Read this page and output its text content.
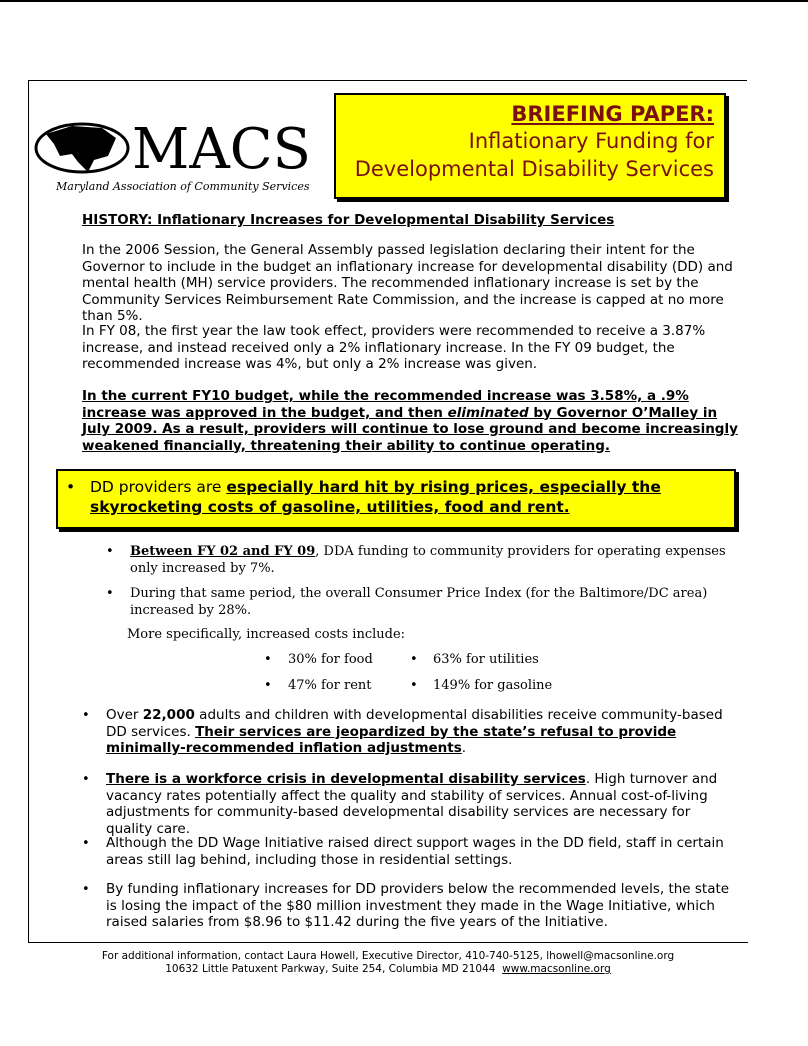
MACS
Maryland Association of Community Services
BRIEFING PAPER:
Inflationary Funding for
Developmental Disability Services
HISTORY: Inflationary Increases for Developmental Disability Services
In the 2006 Session, the General Assembly passed legislation declaring their intent for the Governor to include in the budget an inflationary increase for developmental disability (DD) and mental health (MH) service providers. The recommended inflationary increase is set by the Community Services Reimbursement Rate Commission, and the increase is capped at no more than 5%.
In FY 08, the first year the law took effect, providers were recommended to receive a 3.87% increase, and instead received only a 2% inflationary increase. In the FY 09 budget, the recommended increase was 4%, but only a 2% increase was given.
In the current FY10 budget, while the recommended increase was 3.58%, a .9% increase was approved in the budget, and then eliminated by Governor O’Malley in July 2009. As a result, providers will continue to lose ground and become increasingly weakened financially, threatening their ability to continue operating.
• DD providers are especially hard hit by rising prices, especially the skyrocketing costs of gasoline, utilities, food and rent.
• Between FY 02 and FY 09, DDA funding to community providers for operating expenses only increased by 7%.
• During that same period, the overall Consumer Price Index (for the Baltimore/DC area) increased by 28%.
More specifically, increased costs include:
• 30% for food	• 63% for utilities
• 47% for rent	• 149% for gasoline
• Over 22,000 adults and children with developmental disabilities receive community-based DD services. Their services are jeopardized by the state’s refusal to provide minimally-recommended inflation adjustments.
• There is a workforce crisis in developmental disability services. High turnover and vacancy rates potentially affect the quality and stability of services. Annual cost-of-living adjustments for community-based developmental disability services are necessary for quality care.
• Although the DD Wage Initiative raised direct support wages in the DD field, staff in certain areas still lag behind, including those in residential settings.
• By funding inflationary increases for DD providers below the recommended levels, the state is losing the impact of the $80 million investment they made in the Wage Initiative, which raised salaries from $8.96 to $11.42 during the five years of the Initiative.
For additional information, contact Laura Howell, Executive Director, 410-740-5125, lhowell@macsonline.org
10632 Little Patuxent Parkway, Suite 254, Columbia MD 21044 www.macsonline.org
